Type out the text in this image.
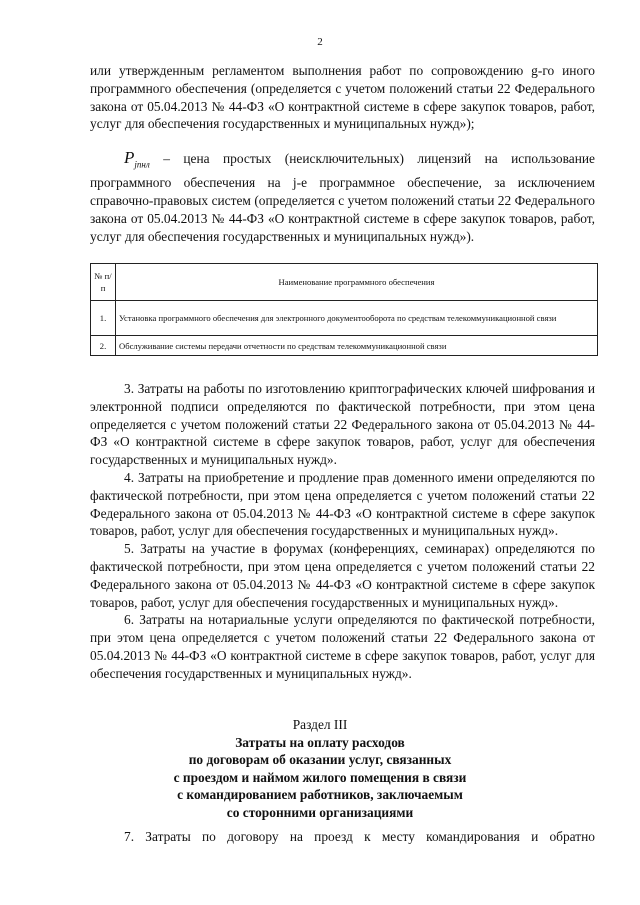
2

или утвержденным регламентом выполнения работ по сопровождению g-го иного программного обеспечения (определяется с учетом положений статьи 22 Федерального закона от 05.04.2013 № 44-ФЗ «О контрактной системе в сфере закупок товаров, работ, услуг для обеспечения государственных и муниципальных нужд»);

$P_{jпнл}$ – цена простых (неисключительных) лицензий на использование программного обеспечения на j-е программное обеспечение, за исключением справочно-правовых систем (определяется с учетом положений статьи 22 Федерального закона от 05.04.2013 № 44-ФЗ «О контрактной системе в сфере закупок товаров, работ, услуг для обеспечения государственных и муниципальных нужд»).

№ п/п	Наименование программного обеспечения
1.	Установка программного обеспечения для электронного документооборота по средствам телекоммуникационной связи
2.	Обслуживание системы передачи отчетности по средствам телекоммуникационной связи

3. Затраты на работы по изготовлению криптографических ключей шифрования и электронной подписи определяются по фактической потребности, при этом цена определяется с учетом положений статьи 22 Федерального закона от 05.04.2013 № 44-ФЗ «О контрактной системе в сфере закупок товаров, работ, услуг для обеспечения государственных и муниципальных нужд».

4. Затраты на приобретение и продление прав доменного имени определяются по фактической потребности, при этом цена определяется с учетом положений статьи 22 Федерального закона от 05.04.2013 № 44-ФЗ «О контрактной системе в сфере закупок товаров, работ, услуг для обеспечения государственных и муниципальных нужд».

5. Затраты на участие в форумах (конференциях, семинарах) определяются по фактической потребности, при этом цена определяется с учетом положений статьи 22 Федерального закона от 05.04.2013 № 44-ФЗ «О контрактной системе в сфере закупок товаров, работ, услуг для обеспечения государственных и муниципальных нужд».

6. Затраты на нотариальные услуги определяются по фактической потребности, при этом цена определяется с учетом положений статьи 22 Федерального закона от 05.04.2013 № 44-ФЗ «О контрактной системе в сфере закупок товаров, работ, услуг для обеспечения государственных и муниципальных нужд».

Раздел III
Затраты на оплату расходов
по договорам об оказании услуг, связанных
с проездом и наймом жилого помещения в связи
с командированием работников, заключаемым
со сторонними организациями

7. Затраты по договору на проезд к месту командирования и обратно
